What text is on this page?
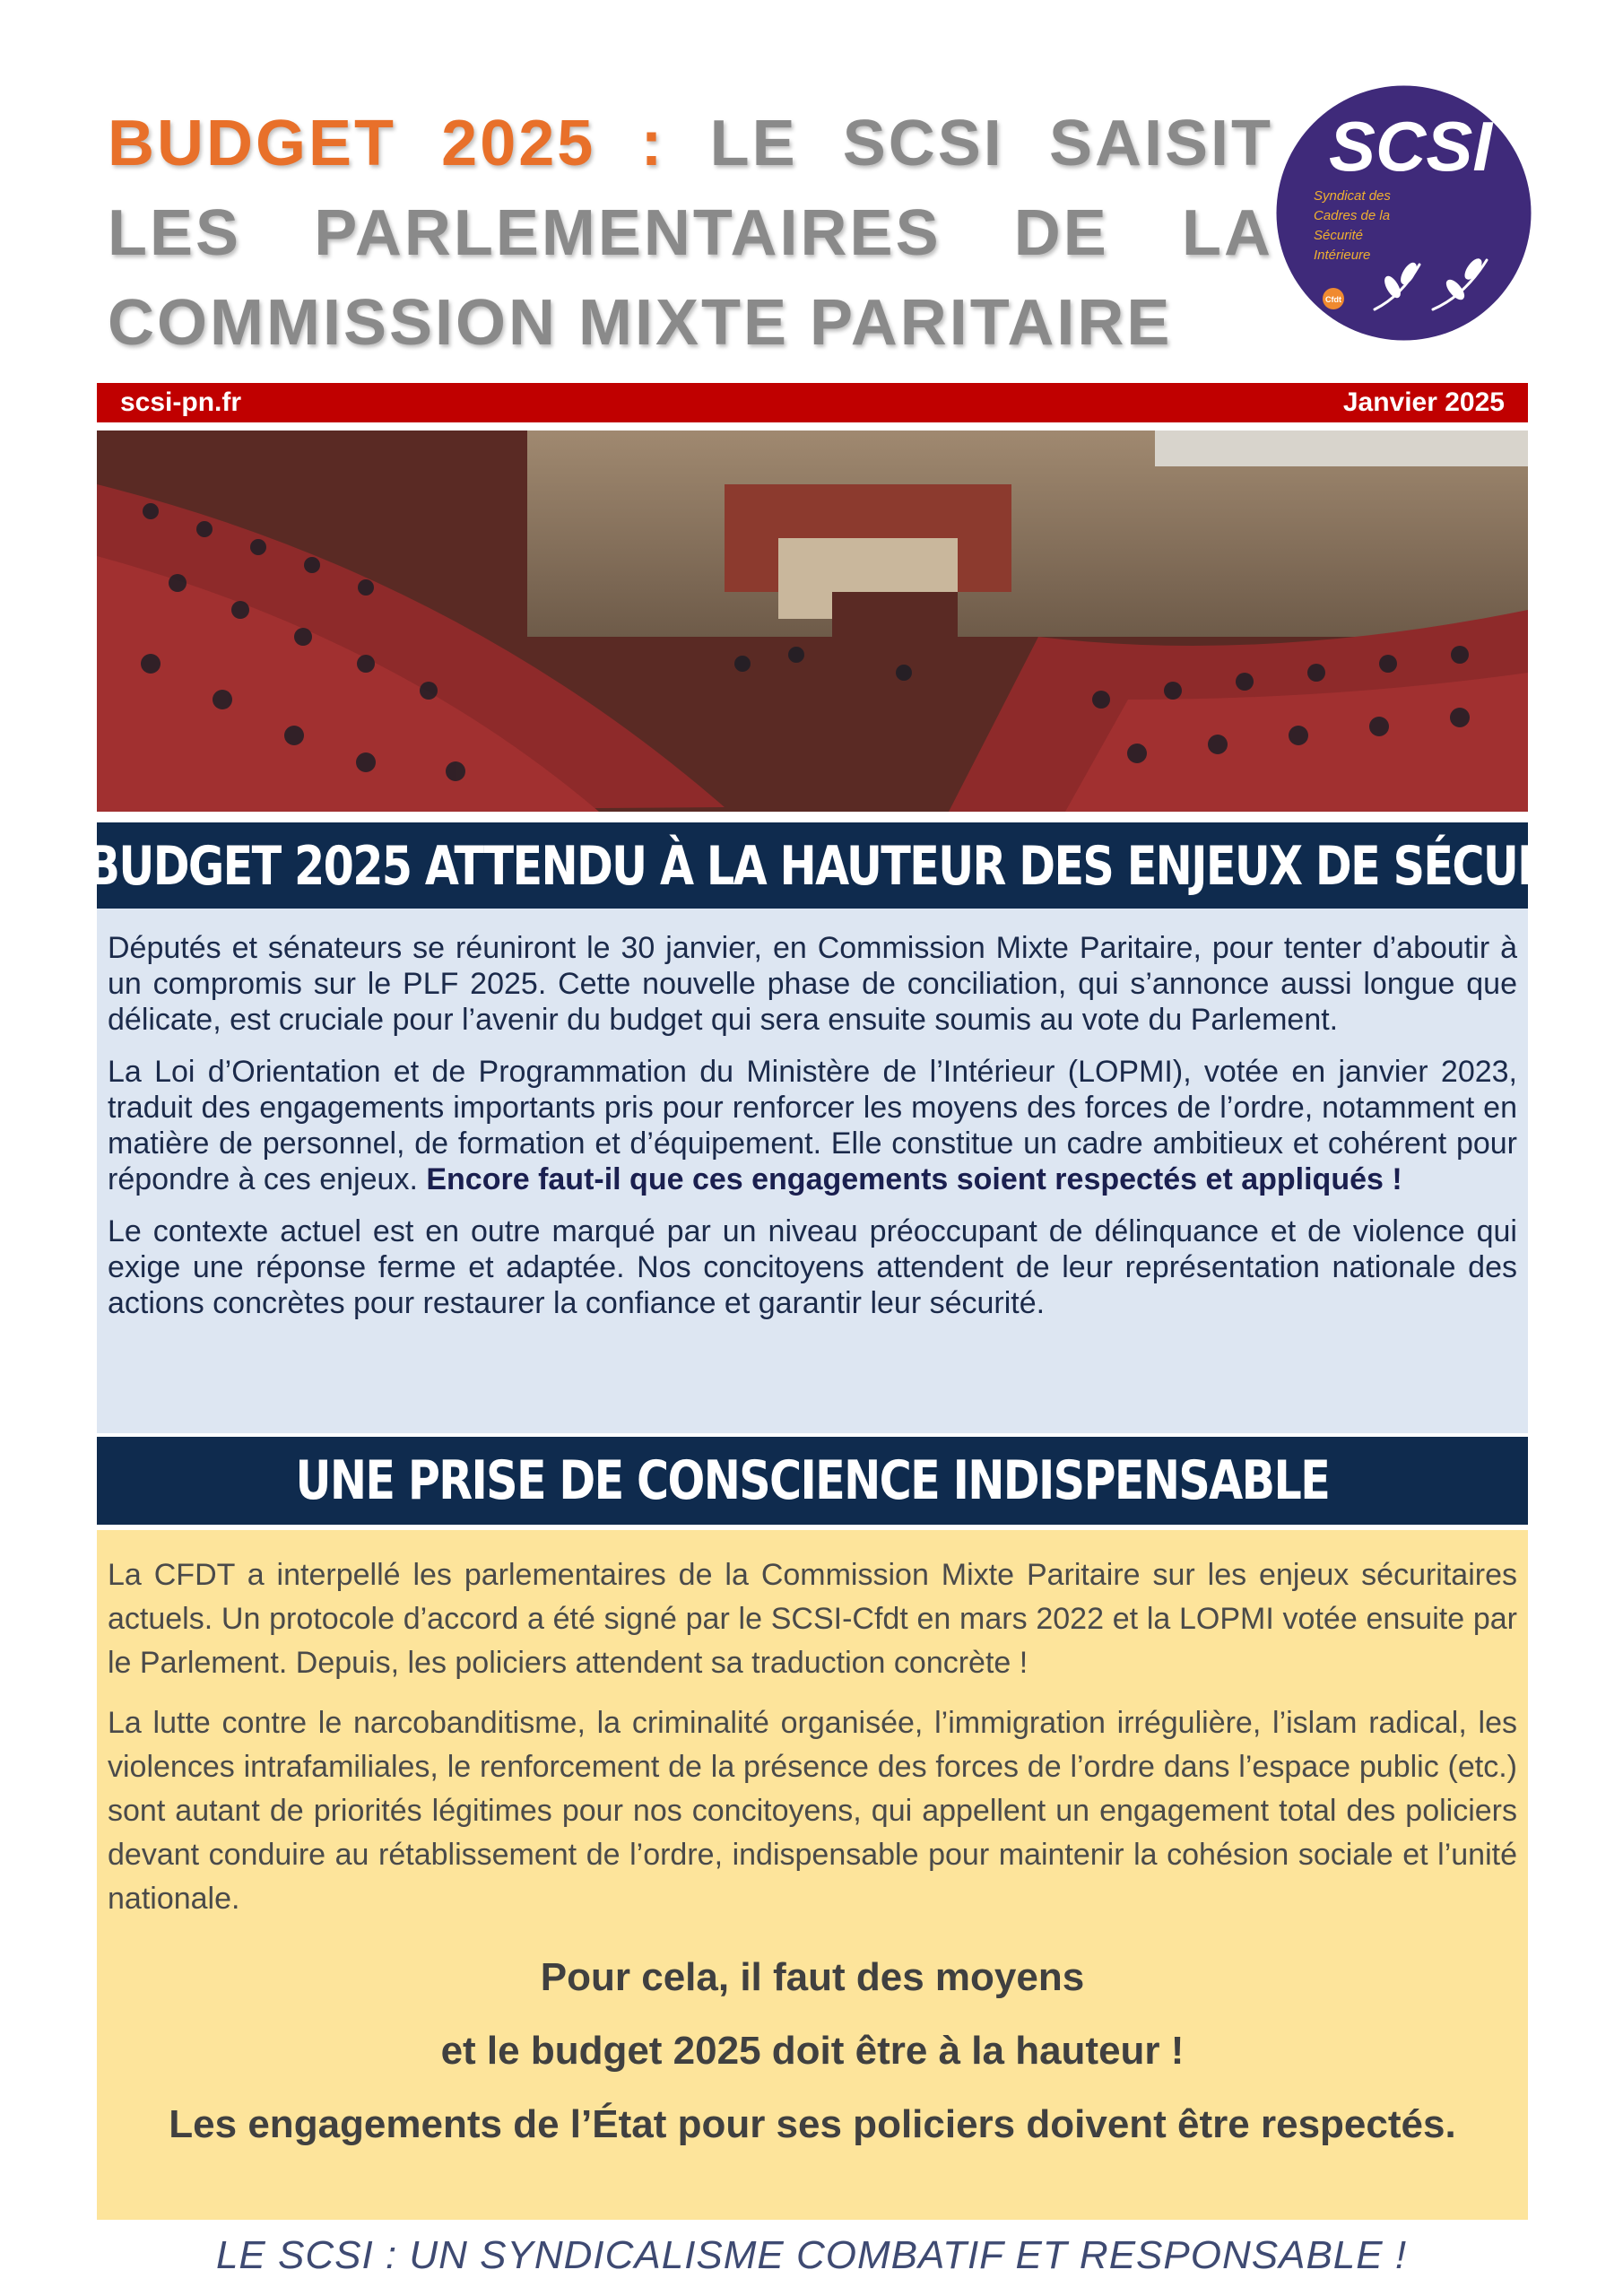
BUDGET 2025 : LE SCSI SAISIT
LES PARLEMENTAIRES DE LA
COMMISSION MIXTE PARITAIRE
SCSI
Syndicat des
Cadres de la
Sécurité
Intérieure
Cfdt
scsi-pn.fr	Janvier 2025
UN BUDGET 2025 ATTENDU À LA HAUTEUR DES ENJEUX DE SÉCURITÉ

Députés et sénateurs se réuniront le 30 janvier, en Commission Mixte Paritaire, pour tenter d’aboutir à un compromis sur le PLF 2025. Cette nouvelle phase de conciliation, qui s’annonce aussi longue que délicate, est cruciale pour l’avenir du budget qui sera ensuite soumis au vote du Parlement.

La Loi d’Orientation et de Programmation du Ministère de l’Intérieur (LOPMI), votée en janvier 2023, traduit des engagements importants pris pour renforcer les moyens des forces de l’ordre, notamment en matière de personnel, de formation et d’équipement. Elle constitue un cadre ambitieux et cohérent pour répondre à ces enjeux. Encore faut-il que ces engagements soient respectés et appliqués !

Le contexte actuel est en outre marqué par un niveau préoccupant de délinquance et de violence qui exige une réponse ferme et adaptée. Nos concitoyens attendent de leur représentation nationale des actions concrètes pour restaurer la confiance et garantir leur sécurité.

UNE PRISE DE CONSCIENCE INDISPENSABLE

La CFDT a interpellé les parlementaires de la Commission Mixte Paritaire sur les enjeux sécuritaires actuels. Un protocole d’accord a été signé par le SCSI-Cfdt en mars 2022 et la LOPMI votée ensuite par le Parlement. Depuis, les policiers attendent sa traduction concrète !

La lutte contre le narcobanditisme, la criminalité organisée, l’immigration irrégulière, l’islam radical, les violences intrafamiliales, le renforcement de la présence des forces de l’ordre dans l’espace public (etc.) sont autant de priorités légitimes pour nos concitoyens, qui appellent un engagement total des policiers devant conduire au rétablissement de l’ordre, indispensable pour maintenir la cohésion sociale et l’unité nationale.

Pour cela, il faut des moyens
et le budget 2025 doit être à la hauteur !
Les engagements de l’État pour ses policiers doivent être respectés.
LE SCSI : UN SYNDICALISME COMBATIF ET RESPONSABLE !
